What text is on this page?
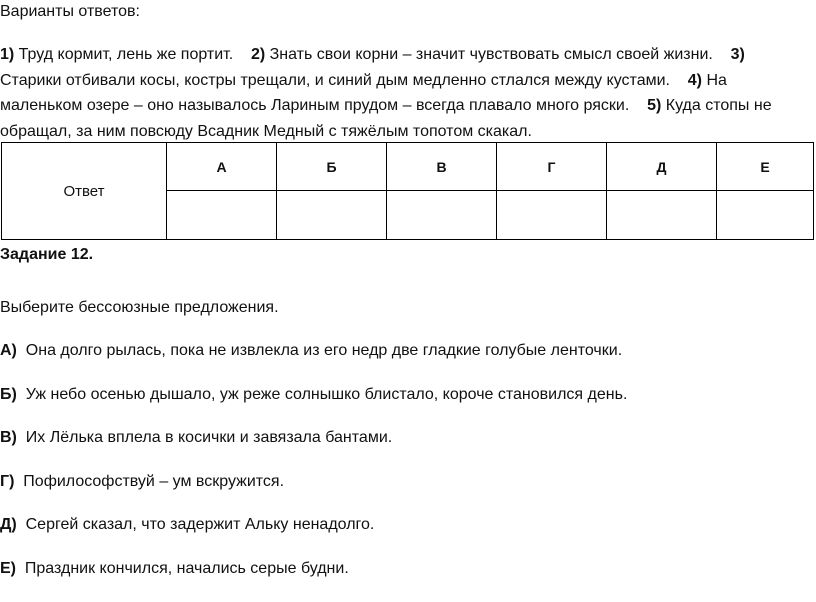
Варианты ответов:
1) Труд кормит, лень же портит.    2) Знать свои корни – значит чувствовать смысл своей жизни.    3) Старики отбивали косы, костры трещали, и синий дым медленно стлался между кустами.    4) На маленьком озере – оно называлось Лариным прудом – всегда плавало много ряски.    5) Куда стопы не обращал, за ним повсюду Всадник Медный с тяжёлым топотом скакал.
Ответ	А	Б	В	Г	Д	Е

Задание 12.
Выберите бессоюзные предложения.
А)  Она долго рылась, пока не извлекла из его недр две гладкие голубые ленточки.
Б)  Уж небо осенью дышало, уж реже солнышко блистало, короче становился день.
В)  Их Лёлька вплела в косички и завязала бантами.
Г)  Пофилософствуй – ум вскружится.
Д)  Сергей сказал, что задержит Альку ненадолго.
Е)  Праздник кончился, начались серые будни.
